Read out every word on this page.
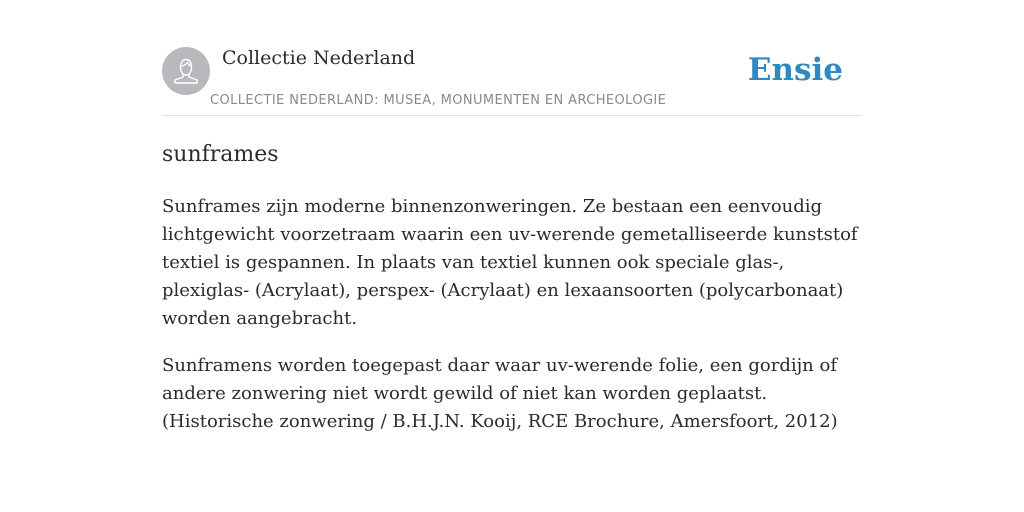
Collectie Nederland
COLLECTIE NEDERLAND: MUSEA, MONUMENTEN EN ARCHEOLOGIE
Ensie
sunframes

Sunframes zijn moderne binnenzonweringen. Ze bestaan een eenvoudig lichtgewicht voorzetraam waarin een uv-werende gemetalliseerde kunststof textiel is gespannen. In plaats van textiel kunnen ook speciale glas-, plexiglas- (Acrylaat), perspex- (Acrylaat) en lexaansoorten (polycarbonaat) worden aangebracht.

Sunframens worden toegepast daar waar uv-werende folie, een gordijn of andere zonwering niet wordt gewild of niet kan worden geplaatst. (Historische zonwering / B.H.J.N. Kooij, RCE Brochure, Amersfoort, 2012)
